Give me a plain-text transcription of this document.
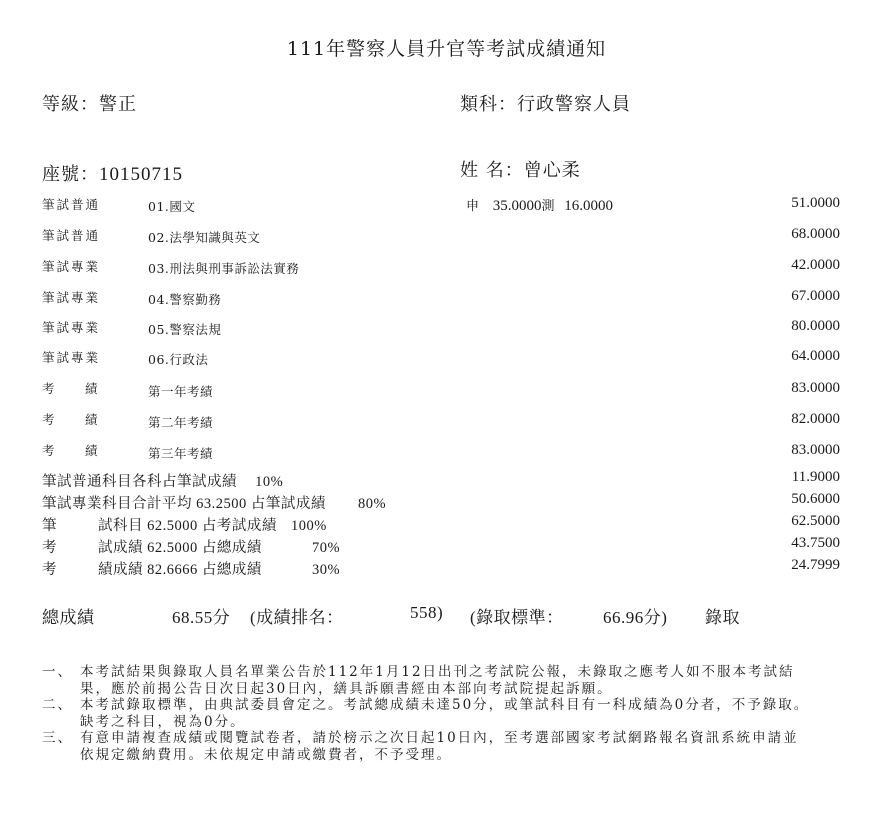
111年警察人員升官等考試成績通知
等級：警正	類科：行政警察人員
座號：10150715	姓 名：曾心柔
筆試普通	01.國文	申 35.0000測 16.0000	51.0000
筆試普通	02.法學知識與英文	68.0000
筆試專業	03.刑法與刑事訴訟法實務	42.0000
筆試專業	04.警察勤務	67.0000
筆試專業	05.警察法規	80.0000
筆試專業	06.行政法	64.0000
考 績	第一年考績	83.0000
考 績	第二年考績	82.0000
考 績	第三年考績	83.0000
筆試普通科目各科占筆試成績 10%	11.9000
筆試專業科目合計平均 63.2500 占筆試成績 80%	50.6000
筆	試科目 62.5000 占考試成績 100%	62.5000
考	試成績 62.5000 占總成績	70%	43.7500
考	績成績 82.6666 占總成績	30%	24.7999
總成績	68.55分 (成績排名：	558) (錄取標準： 66.96分) 錄取
一、 本考試結果與錄取人員名單業公告於112年1月12日出刊之考試院公報，未錄取之應考人如不服本考試結果，應於前揭公告日次日起30日內，繕具訴願書經由本部向考試院提起訴願。
二、 本考試錄取標準，由典試委員會定之。考試總成績未達50分，或筆試科目有一科成績為0分者，不予錄取。缺考之科目，視為0分。
三、 有意申請複查成績或閱覽試卷者，請於榜示之次日起10日內，至考選部國家考試網路報名資訊系統申請並依規定繳納費用。未依規定申請或繳費者，不予受理。
